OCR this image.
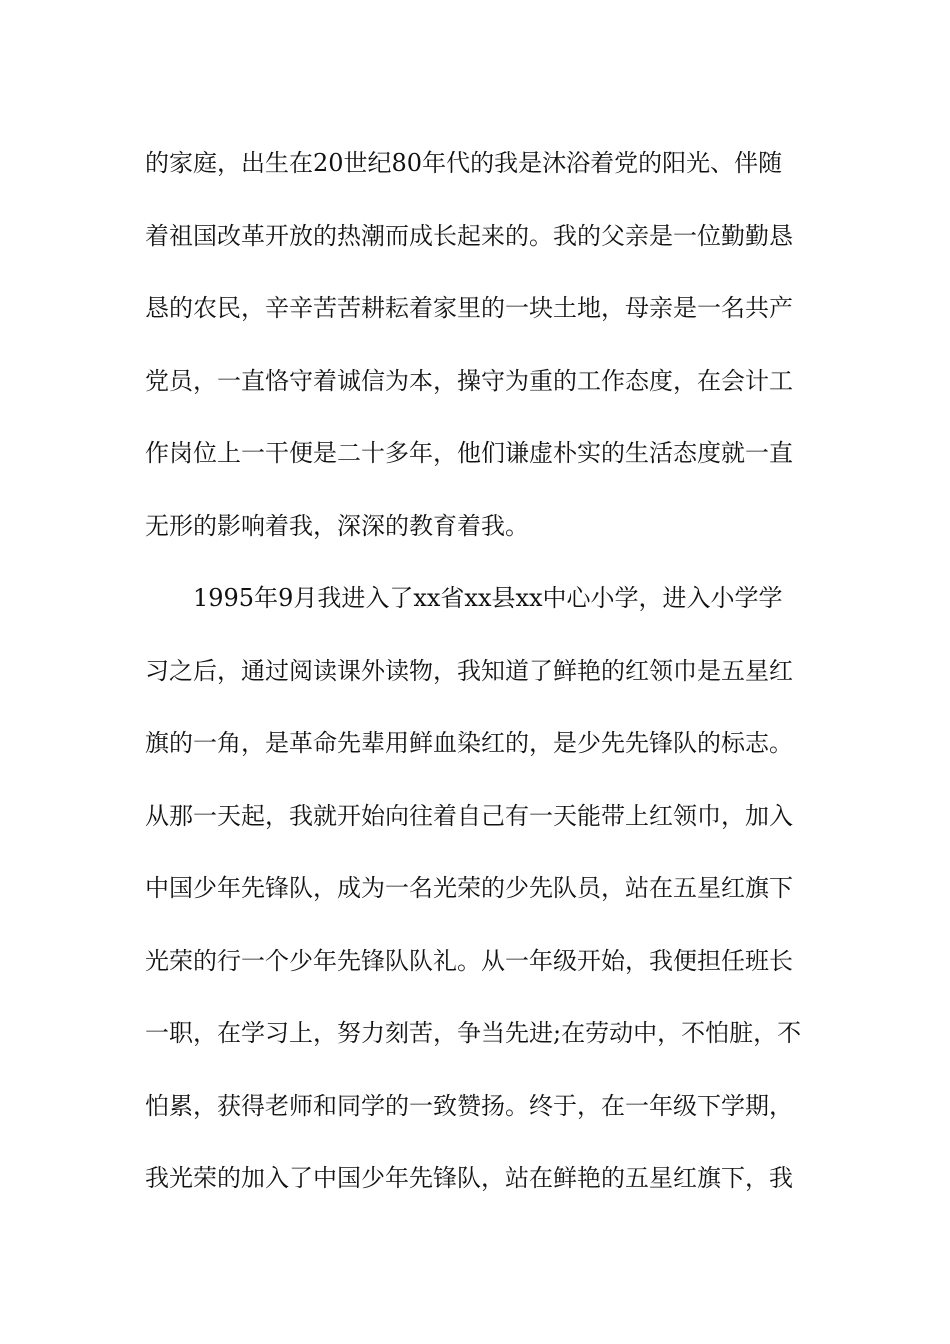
的家庭，出生在20世纪80年代的我是沐浴着党的阳光、伴随
着祖国改革开放的热潮而成长起来的。我的父亲是一位勤勤恳
恳的农民，辛辛苦苦耕耘着家里的一块土地，母亲是一名共产
党员，一直恪守着诚信为本，操守为重的工作态度，在会计工
作岗位上一干便是二十多年，他们谦虚朴实的生活态度就一直
无形的影响着我，深深的教育着我。
1995年9月我进入了xx省xx县xx中心小学，进入小学学
习之后，通过阅读课外读物，我知道了鲜艳的红领巾是五星红
旗的一角，是革命先辈用鲜血染红的，是少先先锋队的标志。
从那一天起，我就开始向往着自己有一天能带上红领巾，加入
中国少年先锋队，成为一名光荣的少先队员，站在五星红旗下
光荣的行一个少年先锋队队礼。从一年级开始，我便担任班长
一职，在学习上，努力刻苦，争当先进;在劳动中，不怕脏，不
怕累，获得老师和同学的一致赞扬。终于，在一年级下学期，
我光荣的加入了中国少年先锋队，站在鲜艳的五星红旗下，我
